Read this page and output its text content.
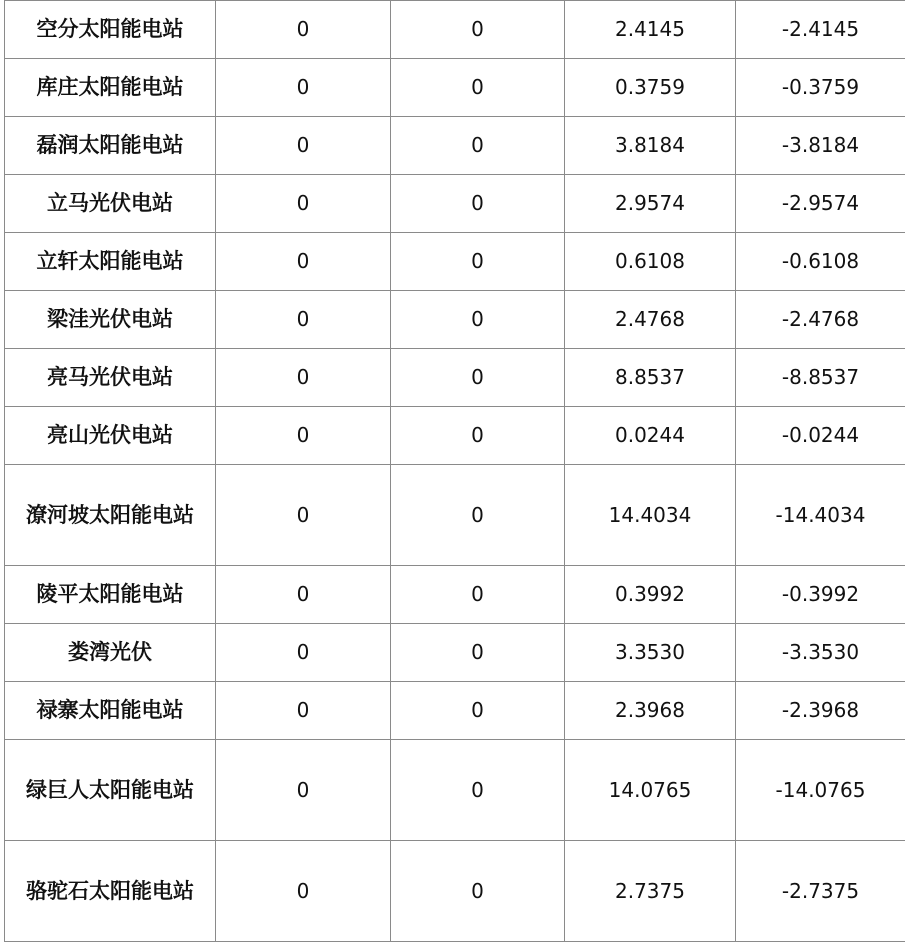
空分太阳能电站	0	0	2.4145	-2.4145
库庄太阳能电站	0	0	0.3759	-0.3759
磊润太阳能电站	0	0	3.8184	-3.8184
立马光伏电站	0	0	2.9574	-2.9574
立轩太阳能电站	0	0	0.6108	-0.6108
梁洼光伏电站	0	0	2.4768	-2.4768
亮马光伏电站	0	0	8.8537	-8.8537
亮山光伏电站	0	0	0.0244	-0.0244
潦河坡太阳能电站	0	0	14.4034	-14.4034
陵平太阳能电站	0	0	0.3992	-0.3992
娄湾光伏	0	0	3.3530	-3.3530
禄寨太阳能电站	0	0	2.3968	-2.3968
绿巨人太阳能电站	0	0	14.0765	-14.0765
骆驼石太阳能电站	0	0	2.7375	-2.7375
